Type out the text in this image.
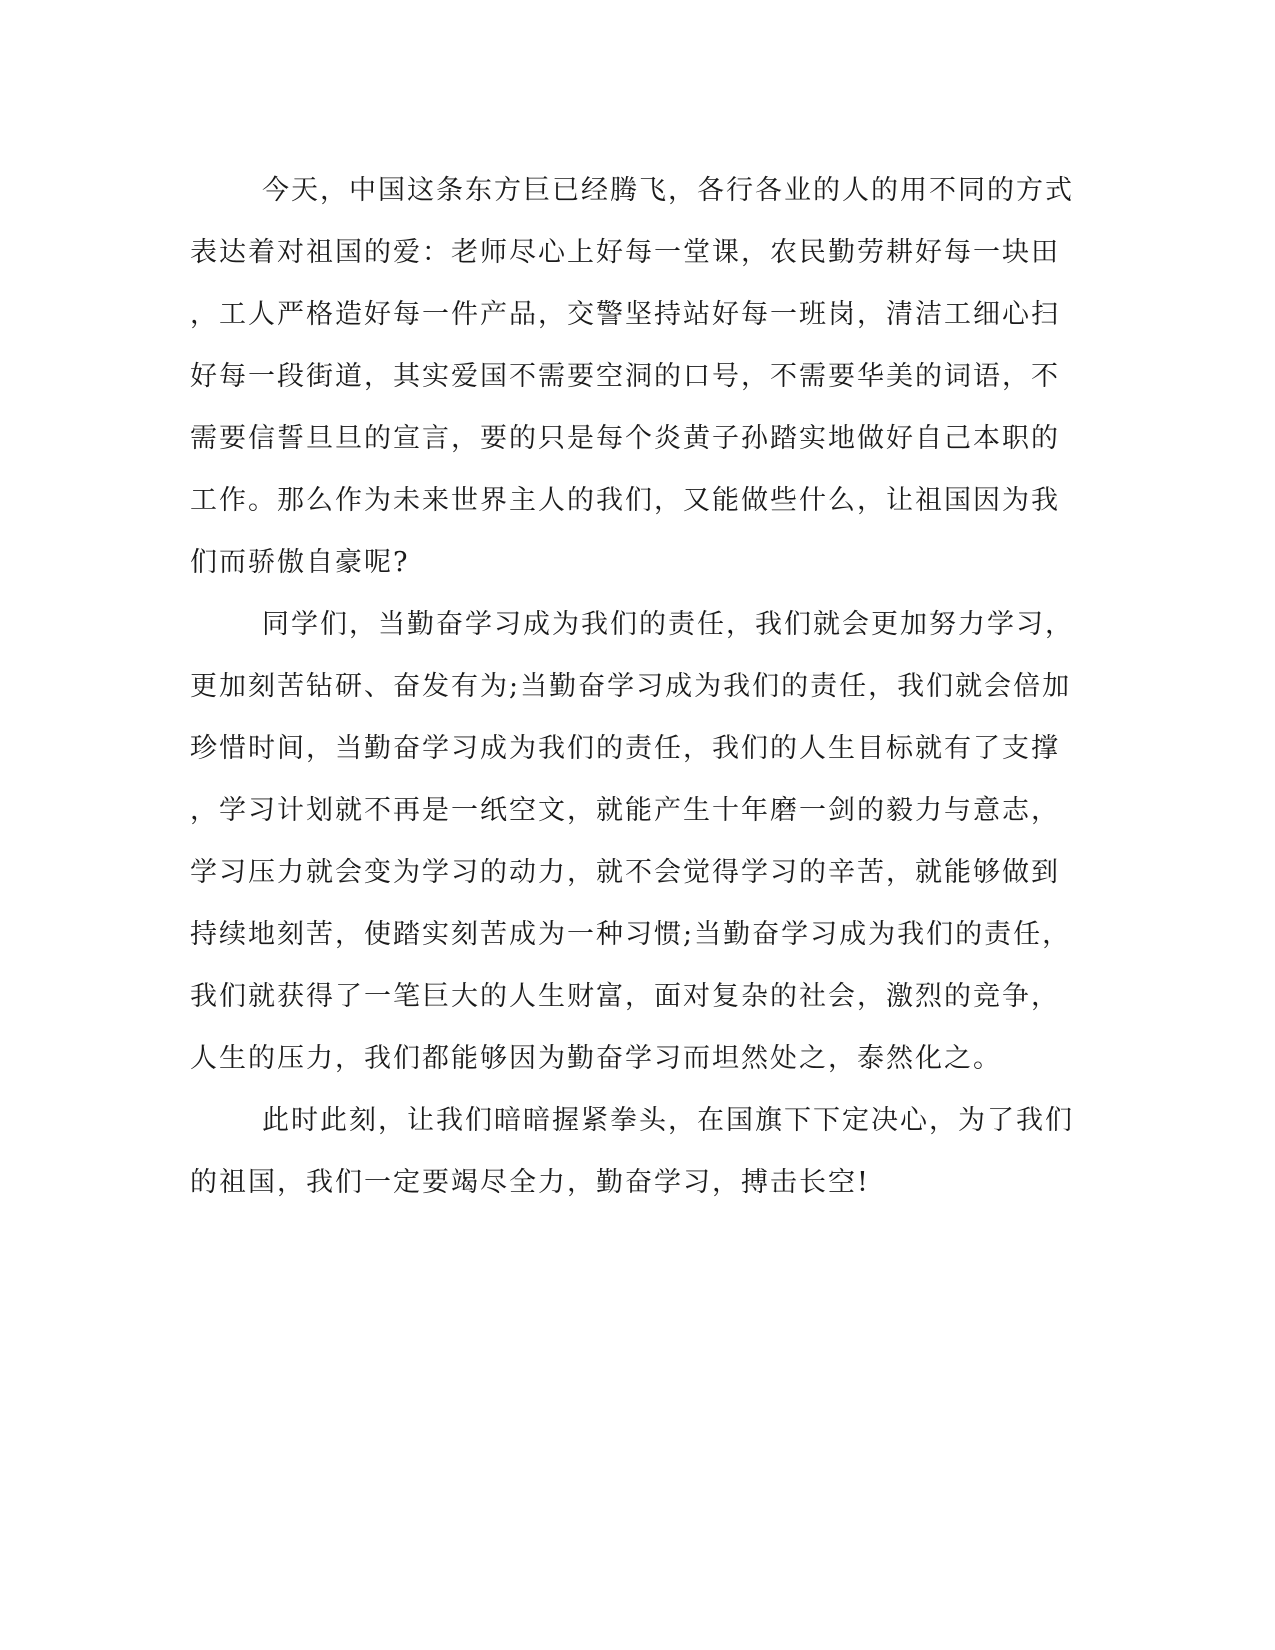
今天，中国这条东方巨已经腾飞，各行各业的人的用不同的方式
表达着对祖国的爱：老师尽心上好每一堂课，农民勤劳耕好每一块田
，工人严格造好每一件产品，交警坚持站好每一班岗，清洁工细心扫
好每一段街道，其实爱国不需要空洞的口号，不需要华美的词语，不
需要信誓旦旦的宣言，要的只是每个炎黄子孙踏实地做好自己本职的
工作。那么作为未来世界主人的我们，又能做些什么，让祖国因为我
们而骄傲自豪呢?
同学们，当勤奋学习成为我们的责任，我们就会更加努力学习，
更加刻苦钻研、奋发有为;当勤奋学习成为我们的责任，我们就会倍加
珍惜时间，当勤奋学习成为我们的责任，我们的人生目标就有了支撑
，学习计划就不再是一纸空文，就能产生十年磨一剑的毅力与意志，
学习压力就会变为学习的动力，就不会觉得学习的辛苦，就能够做到
持续地刻苦，使踏实刻苦成为一种习惯;当勤奋学习成为我们的责任，
我们就获得了一笔巨大的人生财富，面对复杂的社会，激烈的竞争，
人生的压力，我们都能够因为勤奋学习而坦然处之，泰然化之。
此时此刻，让我们暗暗握紧拳头，在国旗下下定决心，为了我们
的祖国，我们一定要竭尽全力，勤奋学习，搏击长空!
